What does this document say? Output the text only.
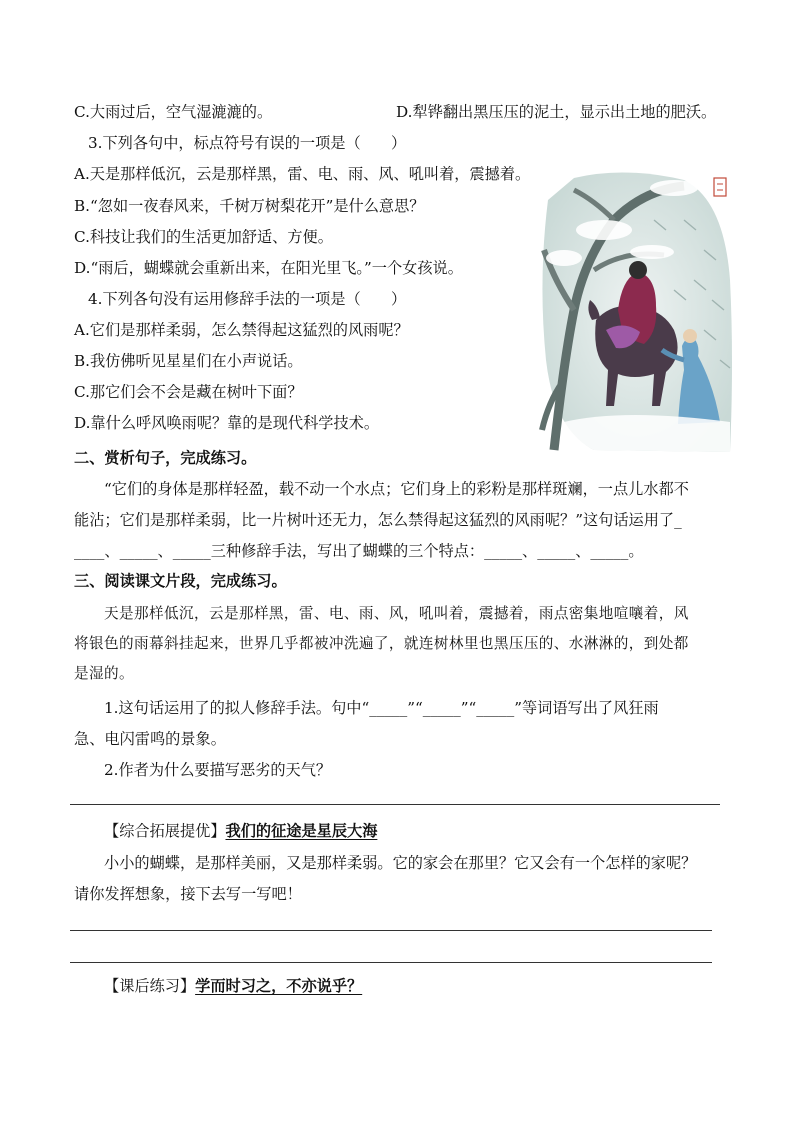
C.大雨过后，空气湿漉漉的。	D.犁铧翻出黑压压的泥土，显示出土地的肥沃。
3.下列各句中，标点符号有误的一项是（　　）
A.天是那样低沉，云是那样黑，雷、电、雨、风、吼叫着，震撼着。
B.“忽如一夜春风来，千树万树梨花开”是什么意思？
C.科技让我们的生活更加舒适、方便。
D.“雨后，蝴蝶就会重新出来，在阳光里飞。”一个女孩说。
4.下列各句没有运用修辞手法的一项是（　　）
A.它们是那样柔弱，怎么禁得起这猛烈的风雨呢？
B.我仿佛听见星星们在小声说话。
C.那它们会不会是藏在树叶下面？
D.靠什么呼风唤雨呢？靠的是现代科学技术。
二、赏析句子，完成练习。
“它们的身体是那样轻盈，载不动一个水点；它们身上的彩粉是那样斑斓，一点儿水都不
能沾；它们是那样柔弱，比一片树叶还无力，怎么禁得起这猛烈的风雨呢？”这句话运用了_
____、_____、_____三种修辞手法，写出了蝴蝶的三个特点：_____、_____、_____。
三、阅读课文片段，完成练习。
天是那样低沉，云是那样黑，雷、电、雨、风，吼叫着，震撼着，雨点密集地喧嚷着，风
将银色的雨幕斜挂起来，世界几乎都被冲洗遍了，就连树林里也黑压压的、水淋淋的，到处都
是湿的。
1.这句话运用了的拟人修辞手法。句中“_____”“_____”“_____”等词语写出了风狂雨
急、电闪雷鸣的景象。
2.作者为什么要描写恶劣的天气？
【综合拓展提优】我们的征途是星辰大海
小小的蝴蝶，是那样美丽，又是那样柔弱。它的家会在那里？它又会有一个怎样的家呢？
请你发挥想象，接下去写一写吧！
【课后练习】学而时习之，不亦说乎？
